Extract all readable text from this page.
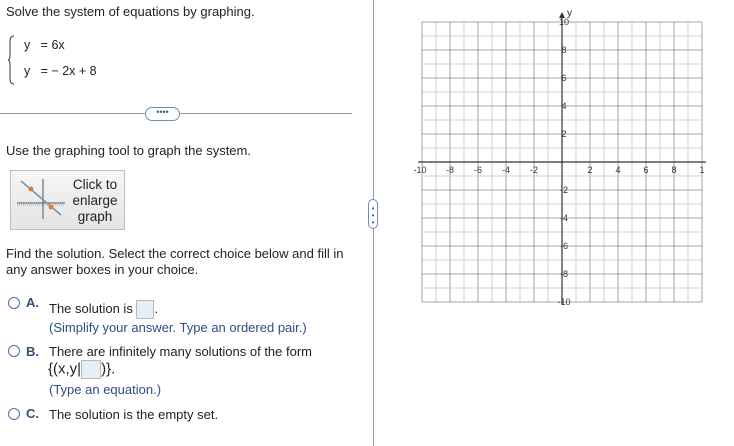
Solve the system of equations by graphing.
y = 6x
y = − 2x + 8
••••
Use the graphing tool to graph the system.
Click to enlarge graph
Find the solution. Select the correct choice below and fill in any answer boxes in your choice.
A. The solution is .
(Simplify your answer. Type an ordered pair.)
B. There are infinitely many solutions of the form
{(x,y| )}.
(Type an equation.)
C. The solution is the empty set.
•
•
•
-10 -8 -6 -4 -2	2	4	6	8	1
10
8
6
4
2
-2
-4
-6
-8
-10
y
